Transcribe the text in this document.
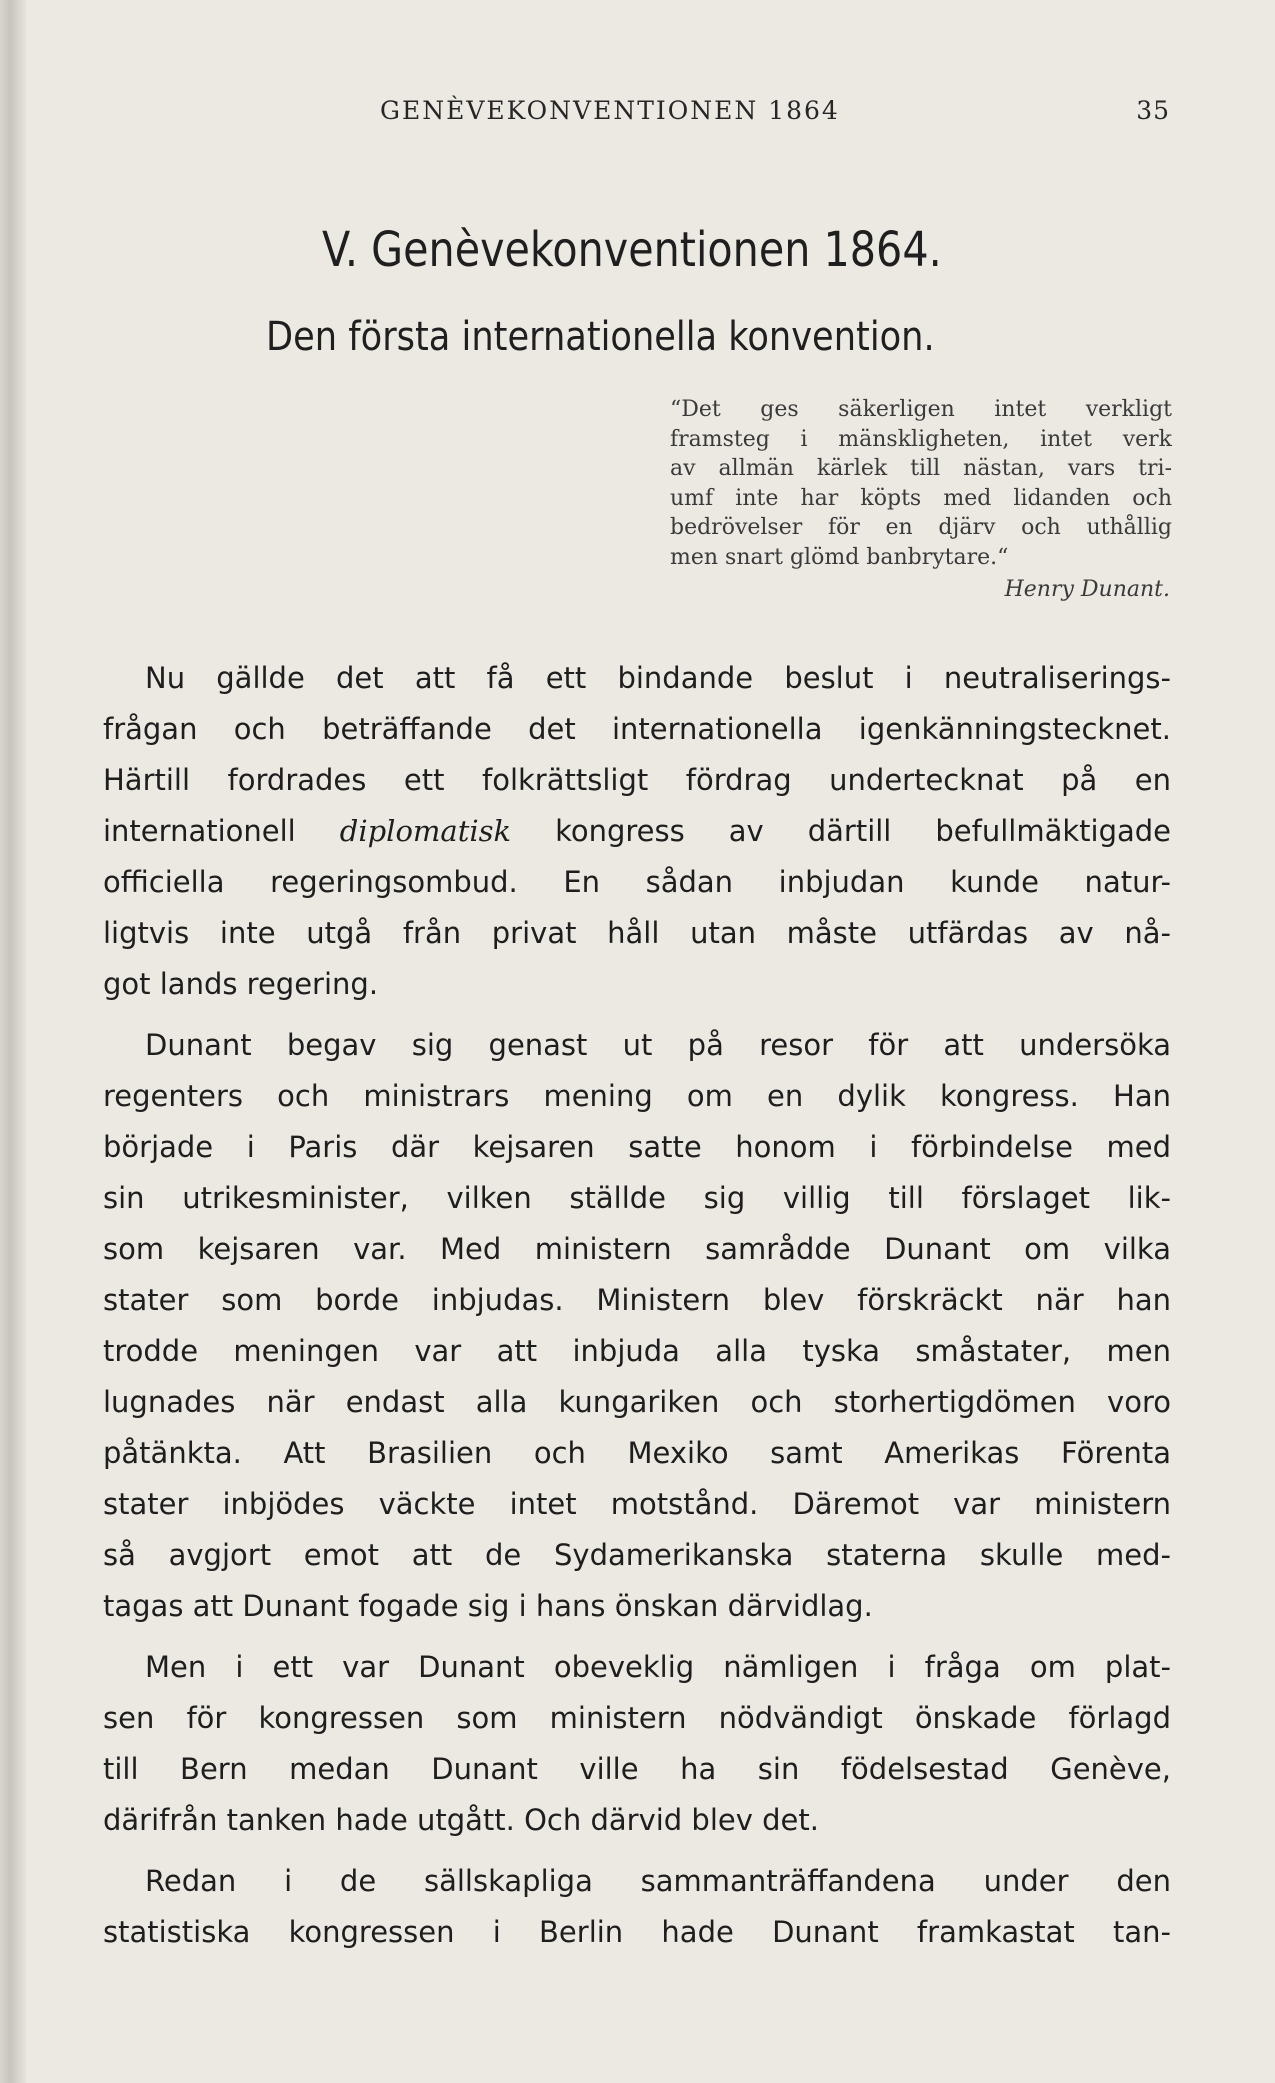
GENÈVEKONVENTIONEN 1864	35
V. Genèvekonventionen 1864.
Den första internationella konvention.
“Det ges säkerligen intet verkligt
framsteg i mänskligheten, intet verk
av allmän kärlek till nästan, vars tri-
umf inte har köpts med lidanden och
bedrövelser för en djärv och uthållig
men snart glömd banbrytare.“
Henry Dunant.
Nu gällde det att få ett bindande beslut i neutraliserings-
frågan och beträffande det internationella igenkänningstecknet.
Härtill fordrades ett folkrättsligt fördrag undertecknat på en
internationell diplomatisk kongress av därtill befullmäktigade
officiella regeringsombud. En sådan inbjudan kunde natur-
ligtvis inte utgå från privat håll utan måste utfärdas av nå-
got lands regering.
Dunant begav sig genast ut på resor för att undersöka
regenters och ministrars mening om en dylik kongress. Han
började i Paris där kejsaren satte honom i förbindelse med
sin utrikesminister, vilken ställde sig villig till förslaget lik-
som kejsaren var. Med ministern samrådde Dunant om vilka
stater som borde inbjudas. Ministern blev förskräckt när han
trodde meningen var att inbjuda alla tyska småstater, men
lugnades när endast alla kungariken och storhertigdömen voro
påtänkta. Att Brasilien och Mexiko samt Amerikas Förenta
stater inbjödes väckte intet motstånd. Däremot var ministern
så avgjort emot att de Sydamerikanska staterna skulle med-
tagas att Dunant fogade sig i hans önskan därvidlag.
Men i ett var Dunant obeveklig nämligen i fråga om plat-
sen för kongressen som ministern nödvändigt önskade förlagd
till Bern medan Dunant ville ha sin födelsestad Genève,
därifrån tanken hade utgått. Och därvid blev det.
Redan i de sällskapliga sammanträffandena under den
statistiska kongressen i Berlin hade Dunant framkastat tan-
